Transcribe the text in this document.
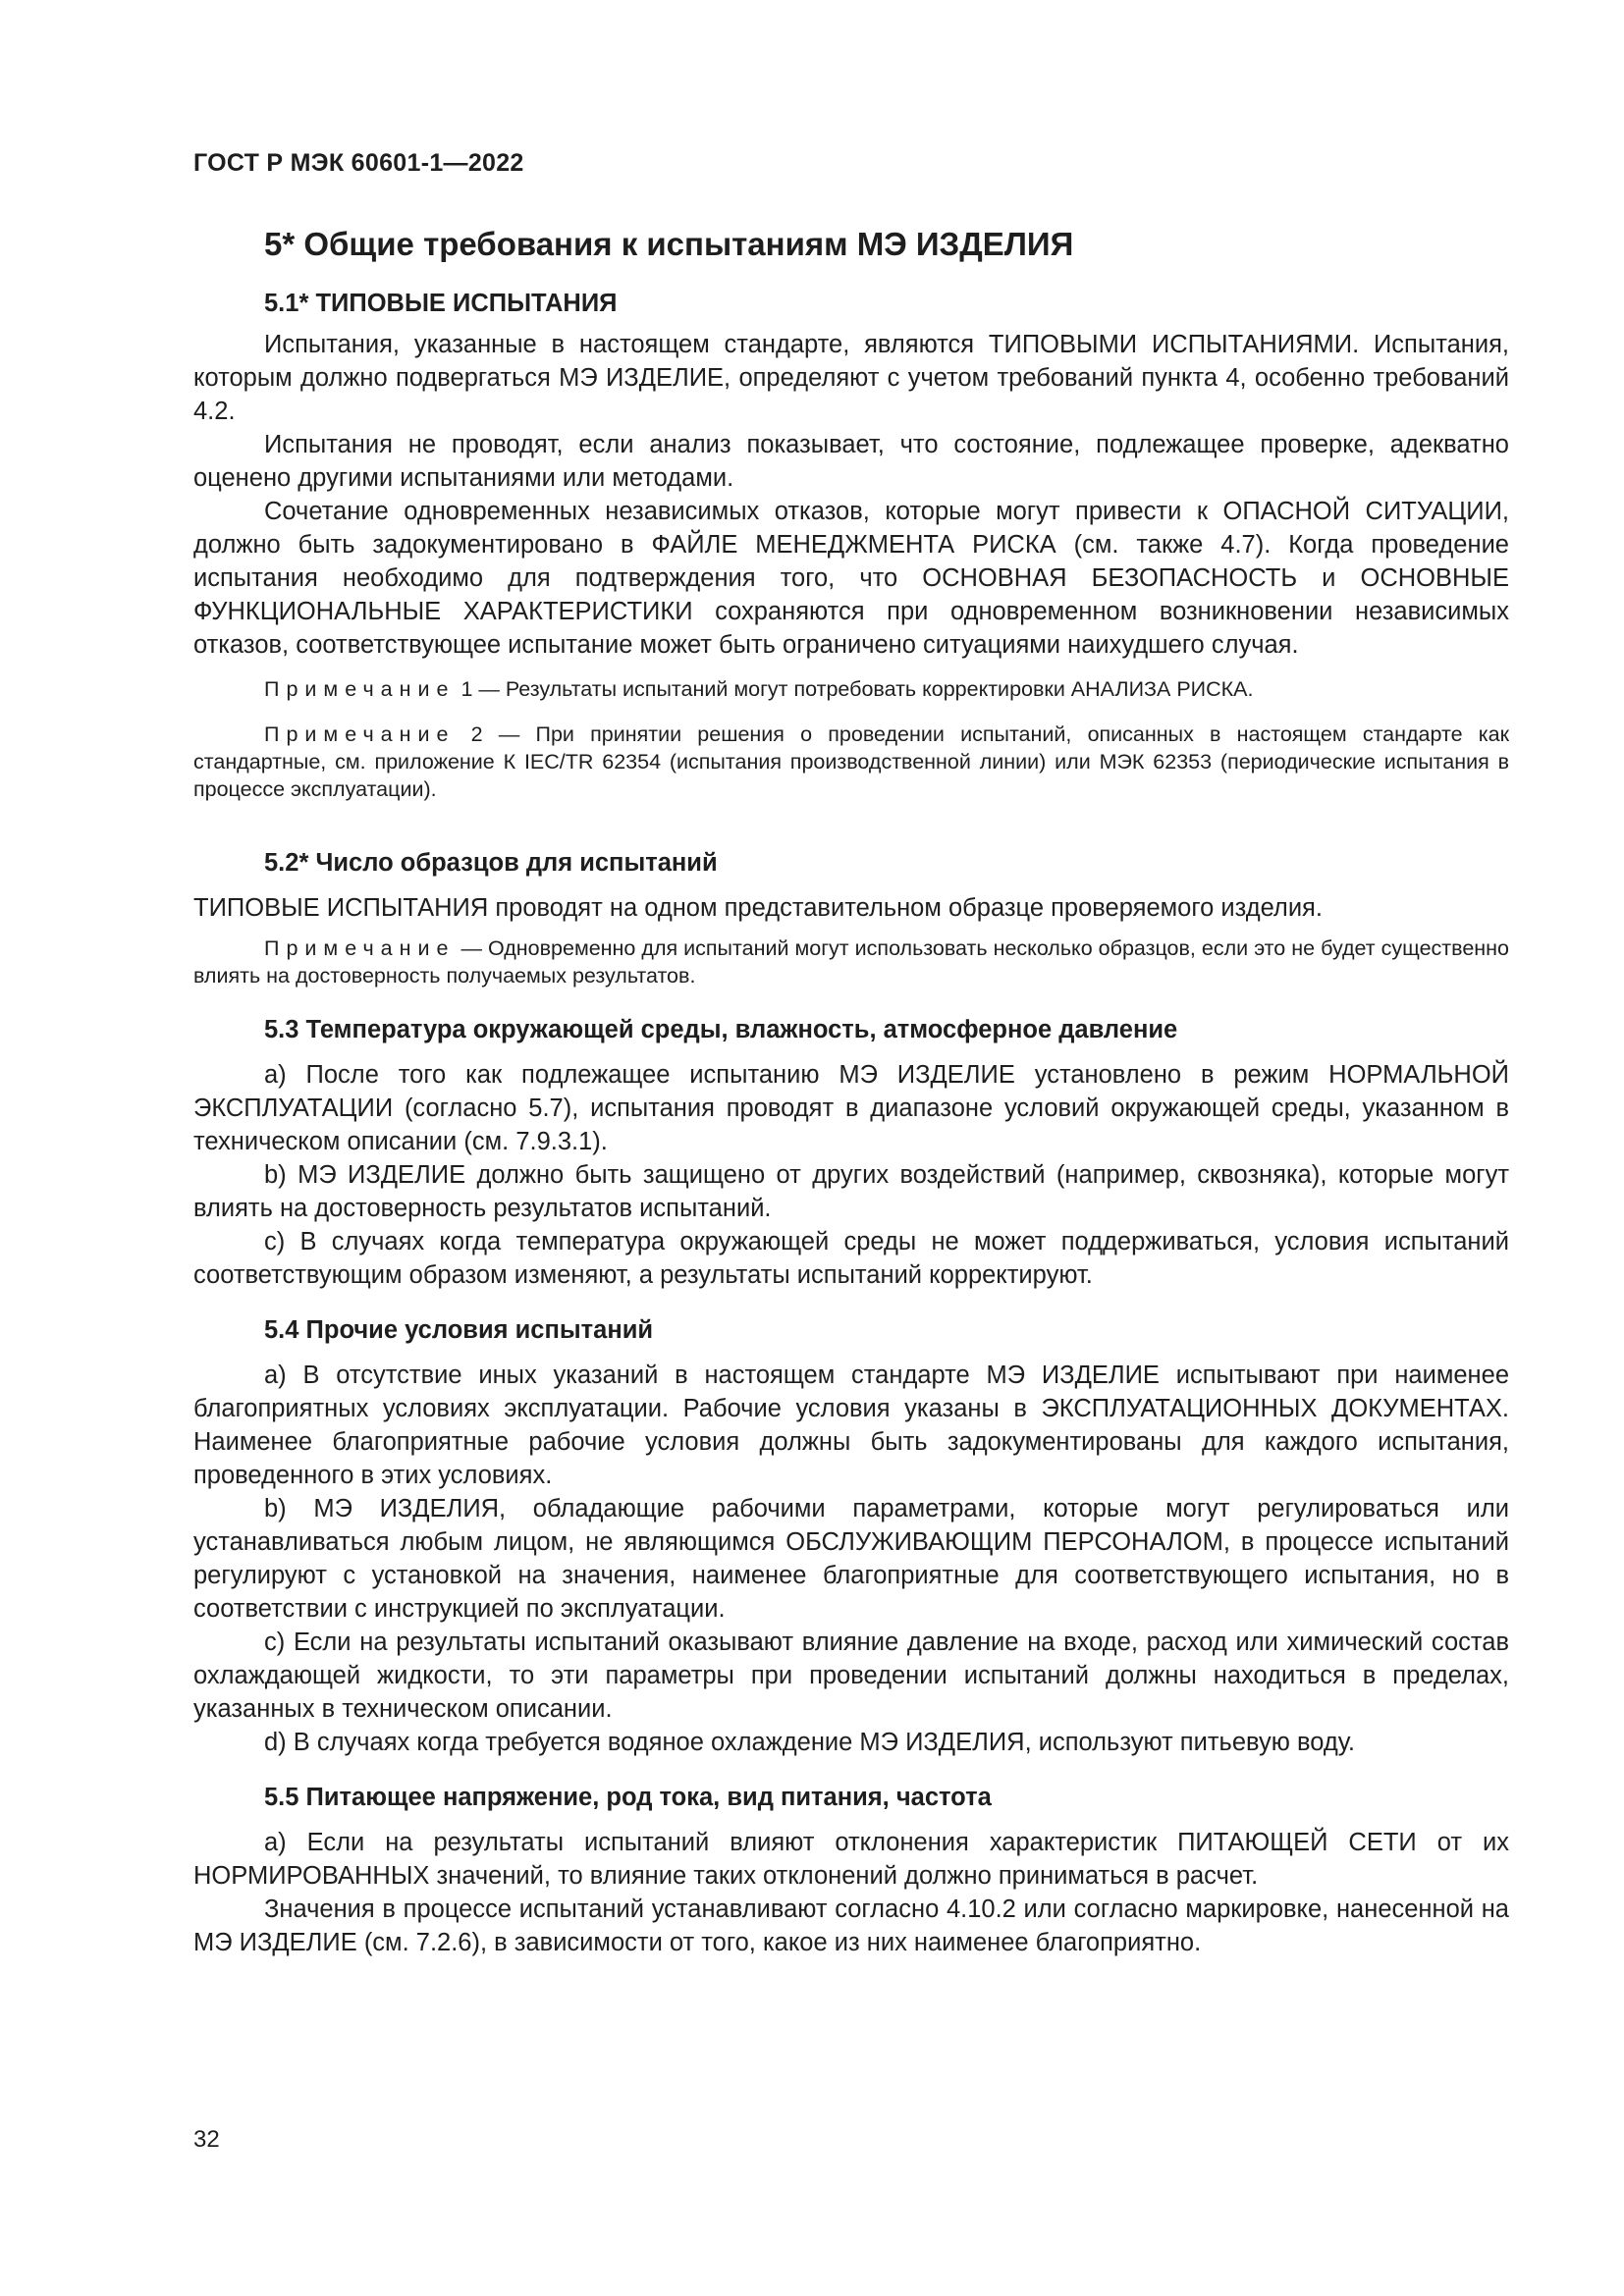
ГОСТ Р МЭК 60601-1—2022
5* Общие требования к испытаниям МЭ ИЗДЕЛИЯ
5.1* ТИПОВЫЕ ИСПЫТАНИЯ

Испытания, указанные в настоящем стандарте, являются ТИПОВЫМИ ИСПЫТАНИЯМИ. Испытания, которым должно подвергаться МЭ ИЗДЕЛИЕ, определяют с учетом требований пункта 4, особенно требований 4.2.

Испытания не проводят, если анализ показывает, что состояние, подлежащее проверке, адекватно оценено другими испытаниями или методами.

Сочетание одновременных независимых отказов, которые могут привести к ОПАСНОЙ СИТУАЦИИ, должно быть задокументировано в ФАЙЛЕ МЕНЕДЖМЕНТА РИСКА (см. также 4.7). Когда проведение испытания необходимо для подтверждения того, что ОСНОВНАЯ БЕЗОПАСНОСТЬ и ОСНОВНЫЕ ФУНКЦИОНАЛЬНЫЕ ХАРАКТЕРИСТИКИ сохраняются при одновременном возникновении независимых отказов, соответствующее испытание может быть ограничено ситуациями наихудшего случая.

Примечание 1 — Результаты испытаний могут потребовать корректировки АНАЛИЗА РИСКА.

Примечание 2 — При принятии решения о проведении испытаний, описанных в настоящем стандарте как стандартные, см. приложение К IEC/TR 62354 (испытания производственной линии) или МЭК 62353 (периодические испытания в процессе эксплуатации).

5.2* Число образцов для испытаний

ТИПОВЫЕ ИСПЫТАНИЯ проводят на одном представительном образце проверяемого изделия.

Примечание — Одновременно для испытаний могут использовать несколько образцов, если это не будет существенно влиять на достоверность получаемых результатов.

5.3 Температура окружающей среды, влажность, атмосферное давление

a) После того как подлежащее испытанию МЭ ИЗДЕЛИЕ установлено в режим НОРМАЛЬНОЙ ЭКСПЛУАТАЦИИ (согласно 5.7), испытания проводят в диапазоне условий окружающей среды, указанном в техническом описании (см. 7.9.3.1).

b) МЭ ИЗДЕЛИЕ должно быть защищено от других воздействий (например, сквозняка), которые могут влиять на достоверность результатов испытаний.

c) В случаях когда температура окружающей среды не может поддерживаться, условия испытаний соответствующим образом изменяют, а результаты испытаний корректируют.

5.4 Прочие условия испытаний

a) В отсутствие иных указаний в настоящем стандарте МЭ ИЗДЕЛИЕ испытывают при наименее благоприятных условиях эксплуатации. Рабочие условия указаны в ЭКСПЛУАТАЦИОННЫХ ДОКУМЕНТАХ. Наименее благоприятные рабочие условия должны быть задокументированы для каждого испытания, проведенного в этих условиях.

b) МЭ ИЗДЕЛИЯ, обладающие рабочими параметрами, которые могут регулироваться или устанавливаться любым лицом, не являющимся ОБСЛУЖИВАЮЩИМ ПЕРСОНАЛОМ, в процессе испытаний регулируют с установкой на значения, наименее благоприятные для соответствующего испытания, но в соответствии с инструкцией по эксплуатации.

c) Если на результаты испытаний оказывают влияние давление на входе, расход или химический состав охлаждающей жидкости, то эти параметры при проведении испытаний должны находиться в пределах, указанных в техническом описании.

d) В случаях когда требуется водяное охлаждение МЭ ИЗДЕЛИЯ, используют питьевую воду.

5.5 Питающее напряжение, род тока, вид питания, частота

a) Если на результаты испытаний влияют отклонения характеристик ПИТАЮЩЕЙ СЕТИ от их НОРМИРОВАННЫХ значений, то влияние таких отклонений должно приниматься в расчет.

Значения в процессе испытаний устанавливают согласно 4.10.2 или согласно маркировке, нанесенной на МЭ ИЗДЕЛИЕ (см. 7.2.6), в зависимости от того, какое из них наименее благоприятно.

32
